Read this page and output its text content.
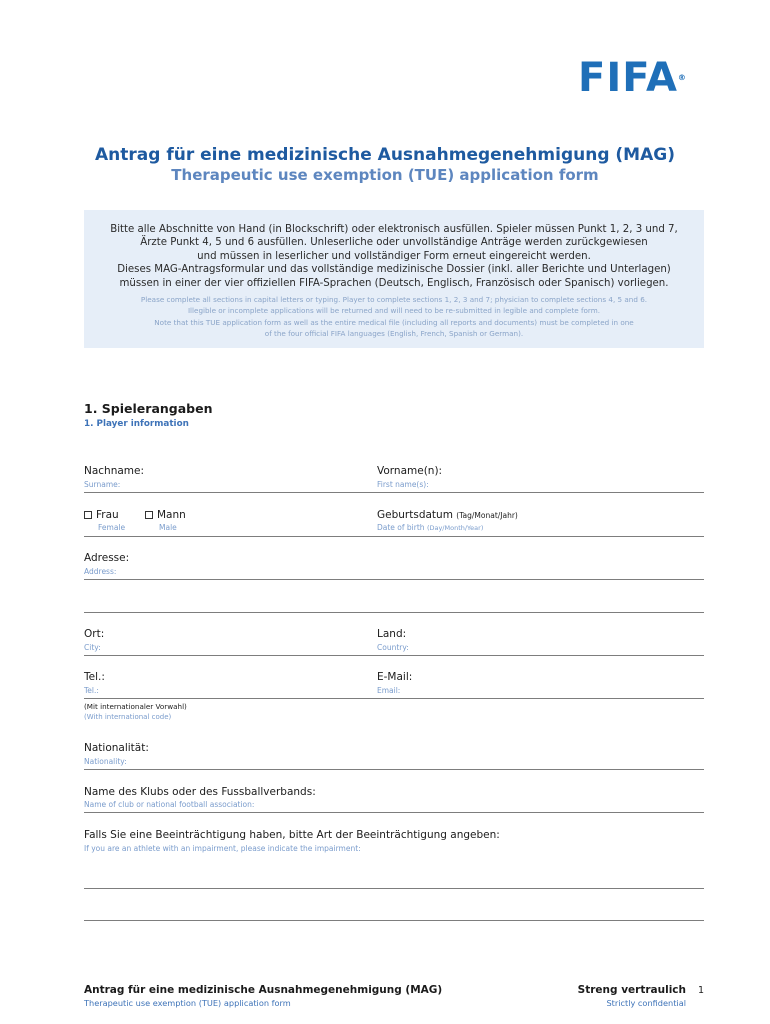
FIFA®
Antrag für eine medizinische Ausnahmegenehmigung (MAG)
Therapeutic use exemption (TUE) application form
Bitte alle Abschnitte von Hand (in Blockschrift) oder elektronisch ausfüllen. Spieler müssen Punkt 1, 2, 3 und 7,
Ärzte Punkt 4, 5 und 6 ausfüllen. Unleserliche oder unvollständige Anträge werden zurückgewiesen
und müssen in leserlicher und vollständiger Form erneut eingereicht werden.
Dieses MAG-Antragsformular und das vollständige medizinische Dossier (inkl. aller Berichte und Unterlagen)
müssen in einer der vier offiziellen FIFA-Sprachen (Deutsch, Englisch, Französisch oder Spanisch) vorliegen.
Please complete all sections in capital letters or typing. Player to complete sections 1, 2, 3 and 7; physician to complete sections 4, 5 and 6.
Illegible or incomplete applications will be returned and will need to be re-submitted in legible and complete form.
Note that this TUE application form as well as the entire medical file (including all reports and documents) must be completed in one
of the four official FIFA languages (English, French, Spanish or German).
1. Spielerangaben
1. Player information
Nachname:
Surname:
Vorname(n):
First name(s):
Frau
Female
Mann
Male
Geburtsdatum (Tag/Monat/Jahr)
Date of birth (Day/Month/Year)
Adresse:
Address:
Ort:
City:
Land:
Country:
Tel.:
Tel.:
E-Mail:
Email:
(Mit internationaler Vorwahl)
(With international code)
Nationalität:
Nationality:
Name des Klubs oder des Fussballverbands:
Name of club or national football association:
Falls Sie eine Beeinträchtigung haben, bitte Art der Beeinträchtigung angeben:
If you are an athlete with an impairment, please indicate the impairment:
Antrag für eine medizinische Ausnahmegenehmigung (MAG)
Therapeutic use exemption (TUE) application form
Streng vertraulich
Strictly confidential
1
